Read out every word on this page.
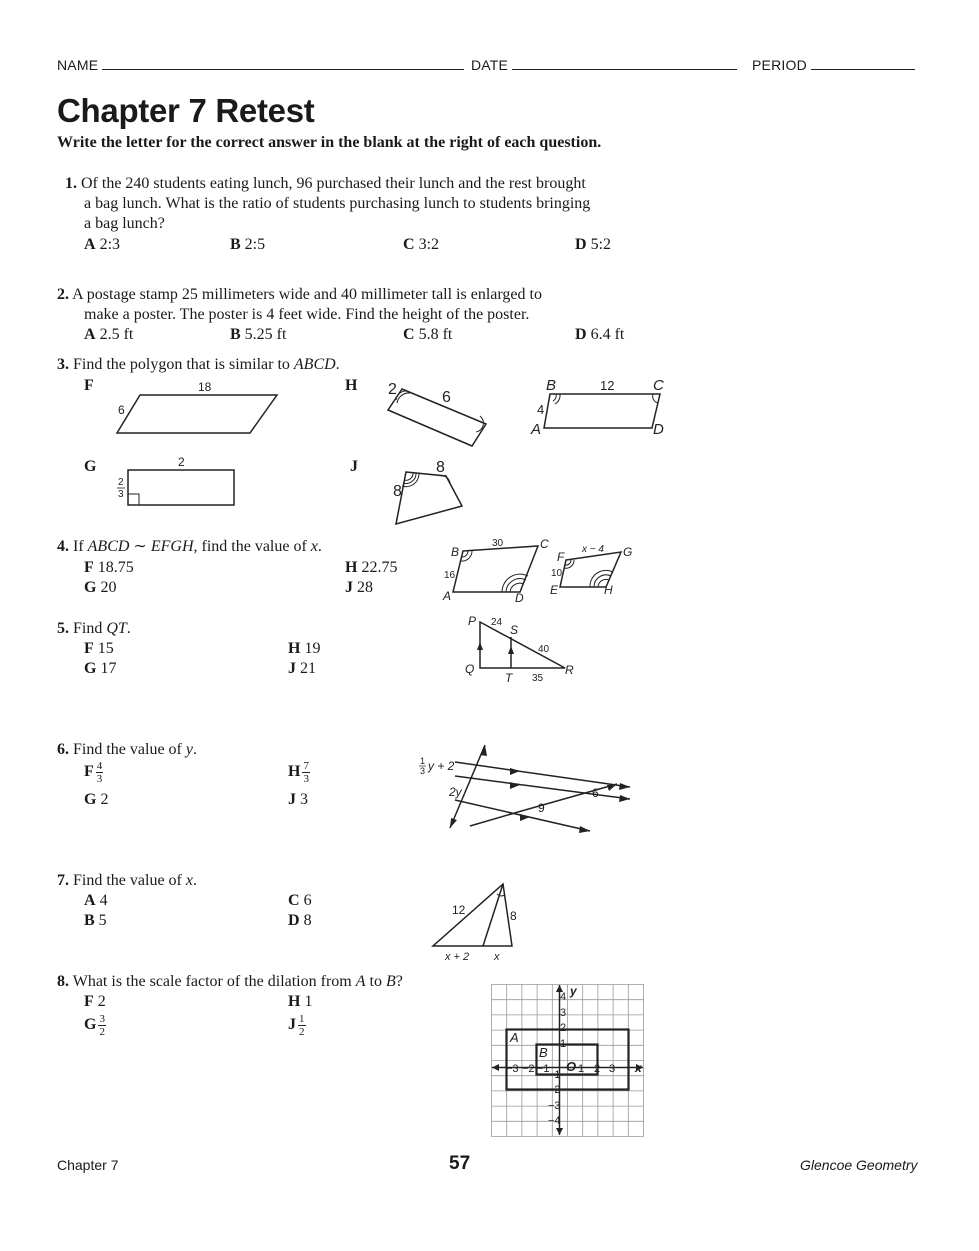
NAME	DATE	PERIOD
Chapter 7 Retest
Write the letter for the correct answer in the blank at the right of each question.
1. Of the 240 students eating lunch, 96 purchased their lunch and the rest brought
a bag lunch. What is the ratio of students purchasing lunch to students bringing
a bag lunch?
A 2:3	B 2:5	C 3:2	D 5:2
2. A postage stamp 25 millimeters wide and 40 millimeter tall is enlarged to
make a poster. The poster is 4 feet wide. Find the height of the poster.
A 2.5 ft	B 5.25 ft	C 5.8 ft	D 6.4 ft
3. Find the polygon that is similar to ABCD.
F	H
G	J
18
6
2	6
B	C
A	D
12
4
2
2
3
8
8
4. If ABCD ∼ EFGH, find the value of x.
F 18.75	H 22.75
G 20	J 28
B
C
A	D
30
16
F	G
E	H
x − 4
10
5. Find QT.
F 15	H 19
G 17	J 21
P
S
Q
T
R
24
40
35
6. Find the value of y.
F $\frac{4}{3}$	H $\frac{7}{3}$
G 2	J 3
1
3 y + 2
2y	6
9
7. Find the value of x.
A 4	C 6
B 5	D 8
12	8
x + 2 x
8. What is the scale factor of the dilation from A to B?
F 2	H 1
G $\frac{3}{2}$	J $\frac{1}{2}$
4
3
2
1
−1
−2
−3
−4
−3 −2 −1	1 2 3
y
x
O
A
B
Chapter 7	57	Glencoe Geometry
